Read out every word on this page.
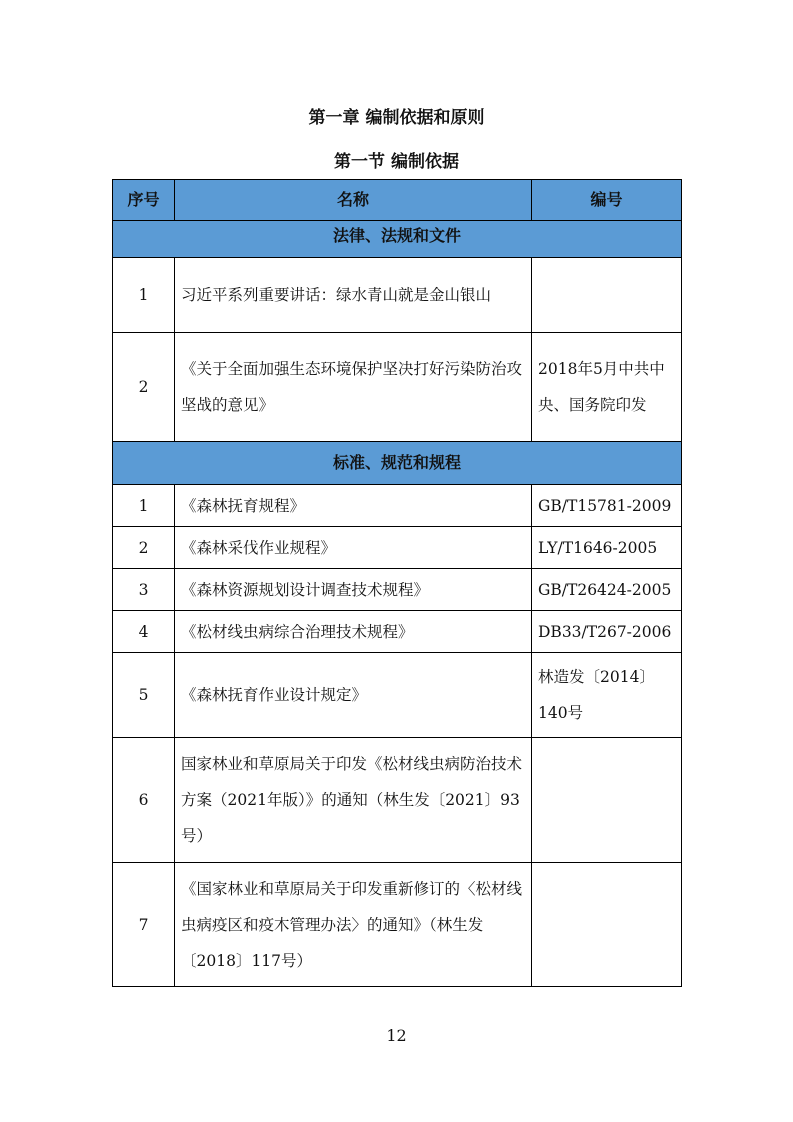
第一章 编制依据和原则
第一节 编制依据
序号	名称	编号
法律、法规和文件		
1	习近平系列重要讲话：绿水青山就是金山银山	
2	《关于全面加强生态环境保护坚决打好污染防治攻坚战的意见》	2018年5月中共中央、国务院印发
标准、规范和规程		
1	《森林抚育规程》	GB/T15781-2009
2	《森林采伐作业规程》	LY/T1646-2005
3	《森林资源规划设计调查技术规程》	GB/T26424-2005
4	《松材线虫病综合治理技术规程》	DB33/T267-2006
5	《森林抚育作业设计规定》	林造发〔2014〕140号
6	国家林业和草原局关于印发《松材线虫病防治技术方案（2021年版）》的通知（林生发〔2021〕93号）	
7	《国家林业和草原局关于印发重新修订的〈松材线虫病疫区和疫木管理办法〉的通知》（林生发〔2018〕117号）	
12
